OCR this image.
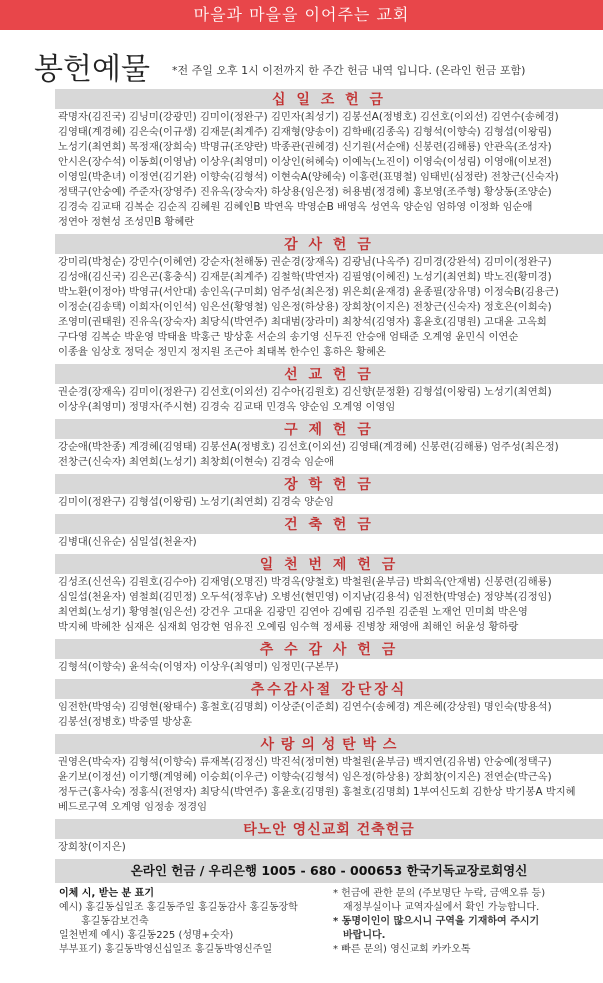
마을과 마을을 이어주는 교회
봉헌예물 *전 주일 오후 1시 이전까지 한 주간 헌금 내역 입니다. (온라인 헌금 포함)
십 일 조 헌 금
곽명자(김진국) 김닝미(강광민) 김미이(정완구) 김민자(최성기) 김봉선A(정병호) 김선호(이외선) 김연수(송혜경)
김영태(계경혜) 김은숙(이규생) 김재문(최계주) 김재형(양송이) 김학배(김종옥) 김형석(이향숙) 김형섭(이왕림)
노성기(최연희) 목정재(장희숙) 박명규(조양란) 박종관(권혜경) 신기원(서순애) 신봉련(김해룡) 안관옥(조성자)
안시은(장수석) 이동희(이영남) 이상우(최영미) 이상인(허혜숙) 이예녹(노진이) 이영숙(이성림) 이영애(이보전)
이영일(박춘녀) 이정연(김기완) 이향숙(김형석) 이현숙A(양혜숙) 이홍련(표명철) 임태빈(심정란) 전창근(신숙자)
정택구(안숭예) 주준자(장영주) 진유옥(장숙자) 하상용(임은정) 허용범(정경혜) 홍보영(조주형) 황상동(조양순)
김경숙 김교태 김복순 김순직 김혜원 김혜인B 박연옥 박영순B 배영옥 성연옥 양순임 엄하영 이정화 임순애
정연아 정현성 조성민B 황혜란
감 사 헌 금
강미리(박청순) 강민수(이혜연) 강순자(천해동) 권순경(장재옥) 김광님(나옥주) 김미경(강완석) 김미이(정완구)
김성애(김신국) 김은곤(홍충식) 김재문(최계주) 김철학(박연자) 김필영(이혜진) 노성기(최연희) 박노진(황미경)
박노환(이정아) 박영규(서안대) 송인옥(구미희) 엄주성(최은정) 위은희(윤재경) 윤종필(장유명) 이정숙B(김용근)
이정순(김송택) 이희자(이인석) 임은선(황영철) 임은정(하상용) 장희창(이지은) 전창근(신숙자) 정호은(이희숙)
조영미(권태원) 진유옥(장숙자) 최당식(박연주) 최대범(장라미) 최창석(김영자) 홍윤호(김명원) 고대윤 고옥희
구다영 김복순 박운영 박태율 박홍근 방상훈 서순의 송기영 신두진 안승애 엄태준 오계영 윤민식 이연순
이종율 임상호 정덕순 정민지 정지원 조근아 최태복 한수인 홍하은 황혜온
선 교 헌 금
권순경(장재옥) 김미이(정완구) 김선호(이외선) 김수아(김원호) 김신향(문정환) 김형섭(이왕림) 노성기(최연희)
이상우(최영미) 정명자(주시현) 김경숙 김교태 민경옥 양순임 오계영 이영임
구 제 헌 금
강순애(박찬종) 계경혜(김영태) 김봉선A(정병호) 김선호(이외선) 김영태(계경혜) 신봉련(김해룡) 엄주성(최은정)
전창근(신숙자) 최연희(노성기) 최창희(이현숙) 김경숙 임순애
장 학 헌 금
김미이(정완구) 김형섭(이왕림) 노성기(최연희) 김경숙 양순임
건 축 헌 금
김병대(신유순) 심일섭(천윤자)
일 천 번 제 헌 금
김성조(신선옥) 김원호(김수아) 김재영(오명진) 박경옥(양철호) 박철원(윤부금) 박희옥(안재범) 신봉련(김해룡)
심일섭(천윤자) 염철희(김민정) 오두석(정후남) 오병선(현민영) 이지남(김용석) 임전한(박영순) 정양복(김정임)
최연희(노성기) 황영철(임은선) 강건우 고대윤 김광민 김연아 김예림 김주원 김준원 노재언 민미희 박은영
박지혜 박혜찬 심재은 심재희 엄강현 엄유진 오예림 임수혁 정세룡 진병창 채영애 최해인 허윤성 황하랑
추 수 감 사 헌 금
김형석(이향숙) 윤석숙(이영자) 이상우(최영미) 임정민(구본무)
추수감사절 강단장식
임전한(박영숙) 김영현(왕태수) 홍철호(김명희) 이상준(이준희) 김연수(송혜경) 계은혜(강상원) 명인숙(방용석)
김봉선(정병호) 박중열 방상훈
사 랑 의 성 탄 박 스
권영은(박숙자) 김형석(이향숙) 류재복(김정신) 박진석(정미현) 박철원(윤부금) 백지연(김유범) 안숭예(정택구)
윤기보(이정선) 이기행(계영혜) 이승희(이우근) 이향숙(김형석) 임은정(하상용) 장희창(이지은) 전연순(박근옥)
정두근(홍사숙) 정홍식(전영자) 최당식(박연주) 홍윤호(김명원) 홍철호(김명희) 1부여신도회 김한상 박기봉A 박지혜
베드로구역 오계영 임정송 정경임
타노안 영신교회 건축헌금
장희창(이지은)
온라인 헌금 / 우리은행 1005 - 680 - 000653 한국기독교장로회영신
이체 시, 받는 분 표기
예시) 홍길동십일조 홍길동주일 홍길동감사 홍길동장학
홍길동감보건축
일천번제 예시) 홍길동225 (성명+숫자)
부부표기) 홍길동박영신십일조 홍길동박영신주일
* 헌금에 관한 문의 (주보명단 누락, 금액오류 등)
재정부실이나 교역자실에서 확인 가능합니다.
* 동명이인이 많으시니 구역을 기재하여 주시기
바랍니다.
* 빠른 문의) 영신교회 카카오톡
